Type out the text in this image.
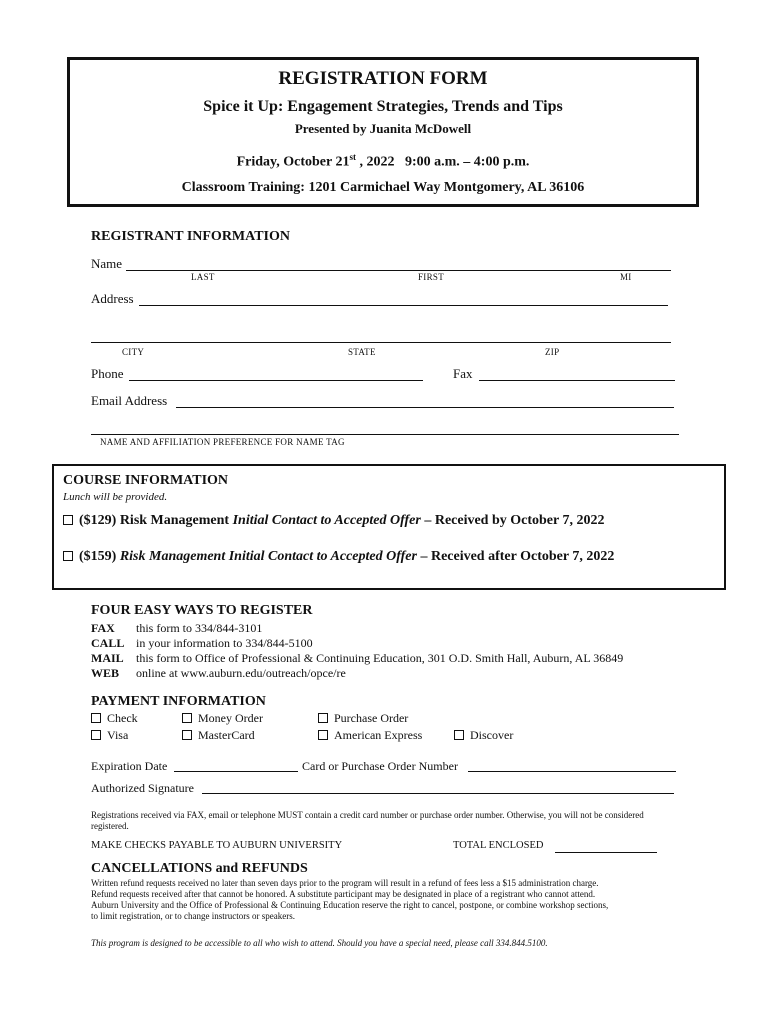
REGISTRATION FORM
Spice it Up: Engagement Strategies, Trends and Tips
Presented by Juanita McDowell
Friday, October 21st , 2022   9:00 a.m. – 4:00 p.m.
Classroom Training: 1201 Carmichael Way Montgomery, AL 36106
REGISTRANT INFORMATION
Name
LAST	FIRST	MI
Address
CITY	STATE	ZIP
Phone	Fax
Email Address
NAME AND AFFILIATION PREFERENCE FOR NAME TAG
COURSE INFORMATION
Lunch will be provided.
($129) Risk Management Initial Contact to Accepted Offer – Received by October 7, 2022
($159) Risk Management Initial Contact to Accepted Offer – Received after October 7, 2022
FOUR EASY WAYS TO REGISTER
FAX this form to 334/844-3101
CALL in your information to 334/844-5100
MAIL this form to Office of Professional & Continuing Education, 301 O.D. Smith Hall, Auburn, AL 36849
WEB online at www.auburn.edu/outreach/opce/re
PAYMENT INFORMATION
Check	Money Order	Purchase Order
Visa	MasterCard	American Express	Discover
Expiration Date	Card or Purchase Order Number
Authorized Signature
Registrations received via FAX, email or telephone MUST contain a credit card number or purchase order number. Otherwise, you will not be considered registered.
MAKE CHECKS PAYABLE TO AUBURN UNIVERSITY	TOTAL ENCLOSED
CANCELLATIONS and REFUNDS
Written refund requests received no later than seven days prior to the program will result in a refund of fees less a $15 administration charge.
Refund requests received after that cannot be honored. A substitute participant may be designated in place of a registrant who cannot attend.
Auburn University and the Office of Professional & Continuing Education reserve the right to cancel, postpone, or combine workshop sections,
to limit registration, or to change instructors or speakers.
This program is designed to be accessible to all who wish to attend. Should you have a special need, please call 334.844.5100.
